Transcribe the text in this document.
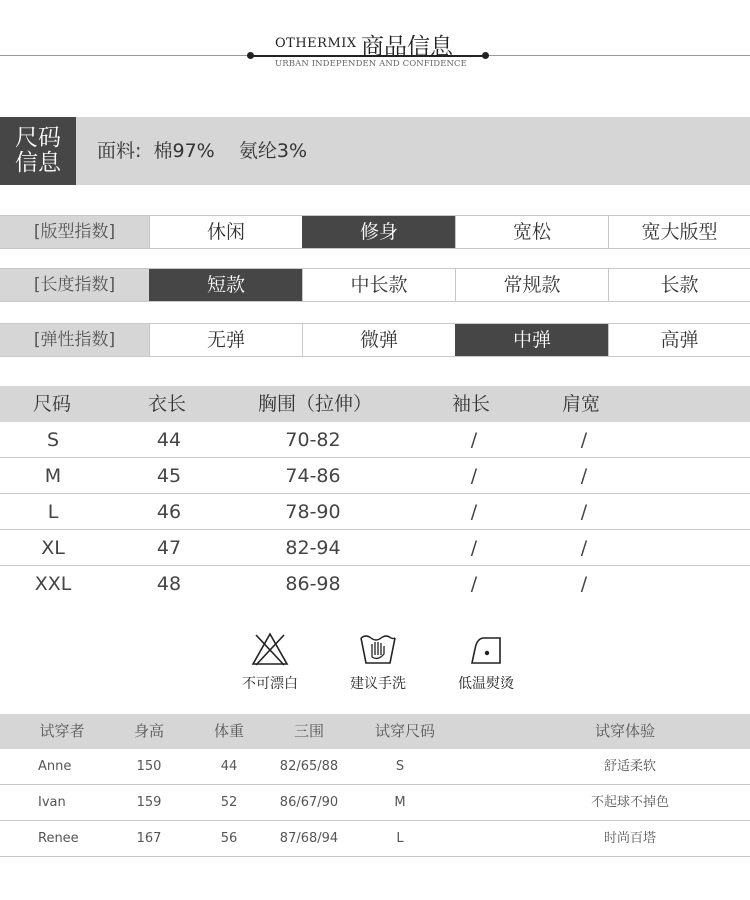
OTHERMIX 商品信息
URBAN INDEPENDEN AND CONFIDENCE
尺码
信息	面料:  棉97%    氨纶3%
[版型指数]	休闲	修身	宽松	宽大版型
[长度指数]	短款	中长款	常规款	长款
[弹性指数]	无弹	微弹	中弹	高弹
尺码	衣长	胸围（拉伸）	袖长	肩宽
S	44	70-82	/	/
M	45	74-86	/	/
L	46	78-90	/	/
XL	47	82-94	/	/
XXL	48	86-98	/	/
不可漂白	建议手洗	低温熨烫
试穿者	身高	体重	三围	试穿尺码	试穿体验
Anne	150	44	82/65/88	S	舒适柔软
Ivan	159	52	86/67/90	M	不起球不掉色
Renee	167	56	87/68/94	L	时尚百塔
